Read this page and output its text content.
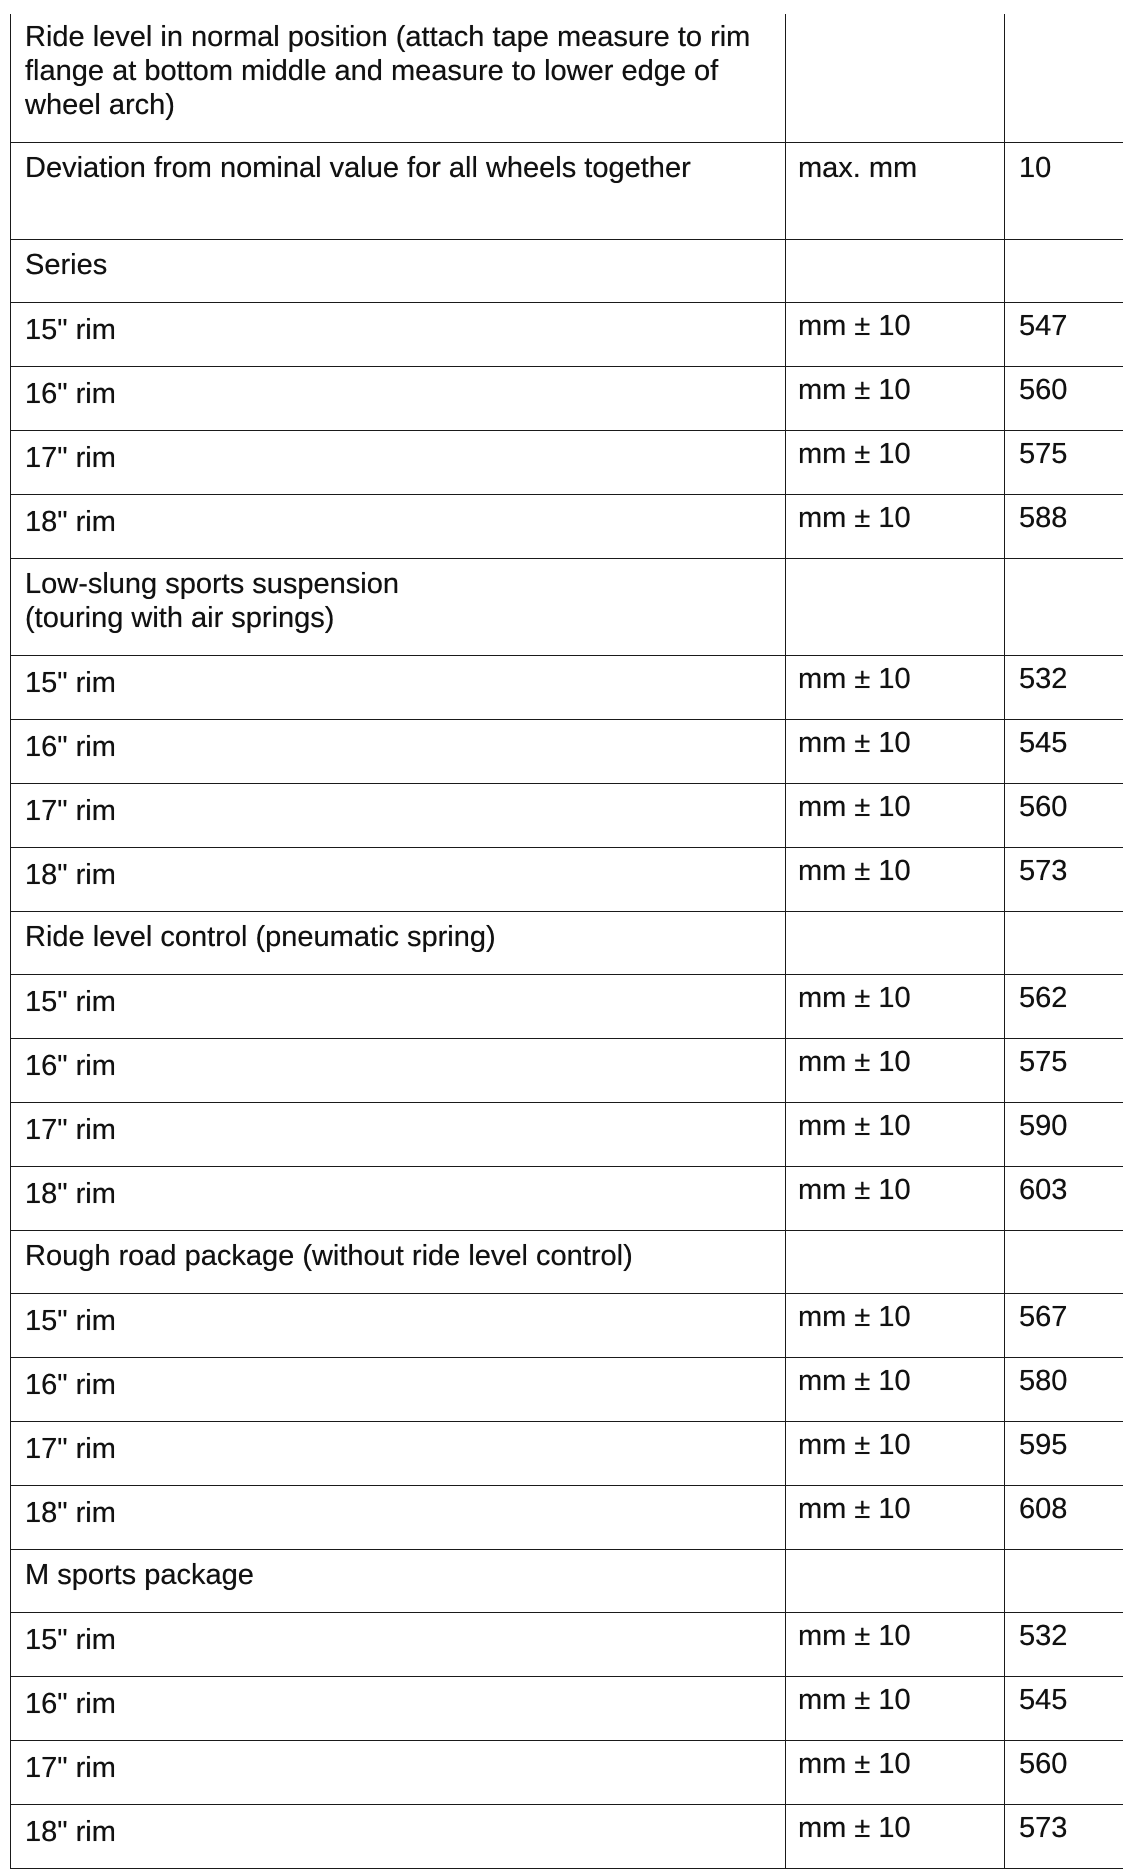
Ride level in normal position (attach tape measure to rim flange at bottom middle and measure to lower edge of wheel arch)		
Deviation from nominal value for all wheels together	max. mm	10
Series		
15" rim	mm ± 10	547
16" rim	mm ± 10	560
17" rim	mm ± 10	575
18" rim	mm ± 10	588
Low-slung sports suspension (touring with air springs)		
15" rim	mm ± 10	532
16" rim	mm ± 10	545
17" rim	mm ± 10	560
18" rim	mm ± 10	573
Ride level control (pneumatic spring)		
15" rim	mm ± 10	562
16" rim	mm ± 10	575
17" rim	mm ± 10	590
18" rim	mm ± 10	603
Rough road package (without ride level control)		
15" rim	mm ± 10	567
16" rim	mm ± 10	580
17" rim	mm ± 10	595
18" rim	mm ± 10	608
M sports package		
15" rim	mm ± 10	532
16" rim	mm ± 10	545
17" rim	mm ± 10	560
18" rim	mm ± 10	573
